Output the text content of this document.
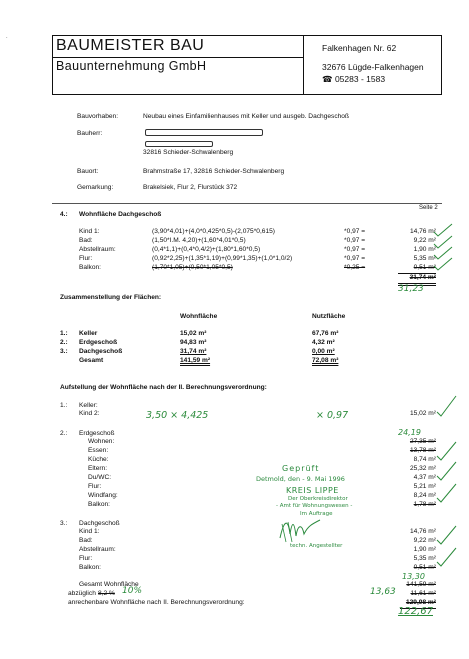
·	BAUMEISTER BAU
Bauunternehmung GmbH
Falkenhagen Nr. 62
32676 Lügde-Falkenhagen
☎ 05283 - 1583
Bauvorhaben:	Neubau eines Einfamilienhauses mit Keller und ausgeb. Dachgeschoß
Bauherr:
32816 Schieder-Schwalenberg
Bauort:	Brahmstraße 17, 32816 Schieder-Schwalenberg
Gemarkung:	Brakelsiek, Flur 2, Flurstück 372
Seite 2
4.: Wohnfläche Dachgeschoß
Kind 1:	(3,90*4,01)+(4,0*0,425*0,5)-(2,075*0,615)	*0,97 =	14,76 m²
Bad:	(1,50*I.M. 4,20)+(1,60*4,01*0,5)	*0,97 =	9,22 m²
Abstellraum:	(0,4*1,1)+(0,4*0,4/2)+(1,80*1,60*0,5)	*0,97 =	1,90 m²
Flur:	(0,92*2,25)+(1,35*1,19)+(0,99*1,35)+(1,0*1,0/2)	*0,97 =	5,35 m²
Balkon:	(1,70*1,05)+(0,50*1,05*0,5)	*0,25 =	0,51 m²
31,74 m²
31,23
Zusammenstellung der Flächen:
Wohnfläche	Nutzfläche
1.: Keller	15,02 m²	67,76 m²
2.: Erdgeschoß	94,83 m²	4,32 m²
3.: Dachgeschoß	31,74 m²	0,00 m²
Gesamt	141,59 m²	72,08 m²
Aufstellung der Wohnfläche nach der II. Berechnungsverordnung:
1.: Keller:
Kind 2:	3,50 × 4,425	× 0,97	15,02 m²
2.: Erdgeschoß	24,19
Wohnen:	27,35 m²
Essen:	13,78 m²
Küche:	8,74 m²
Eltern:	25,32 m²
Du/WC:	4,37 m²
Flur:	5,21 m²
Windfang:	8,24 m²
Balkon:	1,78 m²
3.: Dachgeschoß
Kind 1:	14,76 m²
Bad:	9,22 m²
Abstellraum:	1,90 m²
Flur:	5,35 m²
Balkon:	0,51 m²
13,30
Gesamt Wohnfläche	141,59 m²
abzüglich 8,2 % 10%	13,63	11,61 m²
anrechenbare Wohnfläche nach II. Berechnungsverordnung:	129,98 m²
122,67
Geprüft
Detmold, den - 9. Mai 1996
KREIS LIPPE
Der Oberkreisdirektor
- Amt für Wohnungswesen -
Im Auftrage
techn. Angestellter
